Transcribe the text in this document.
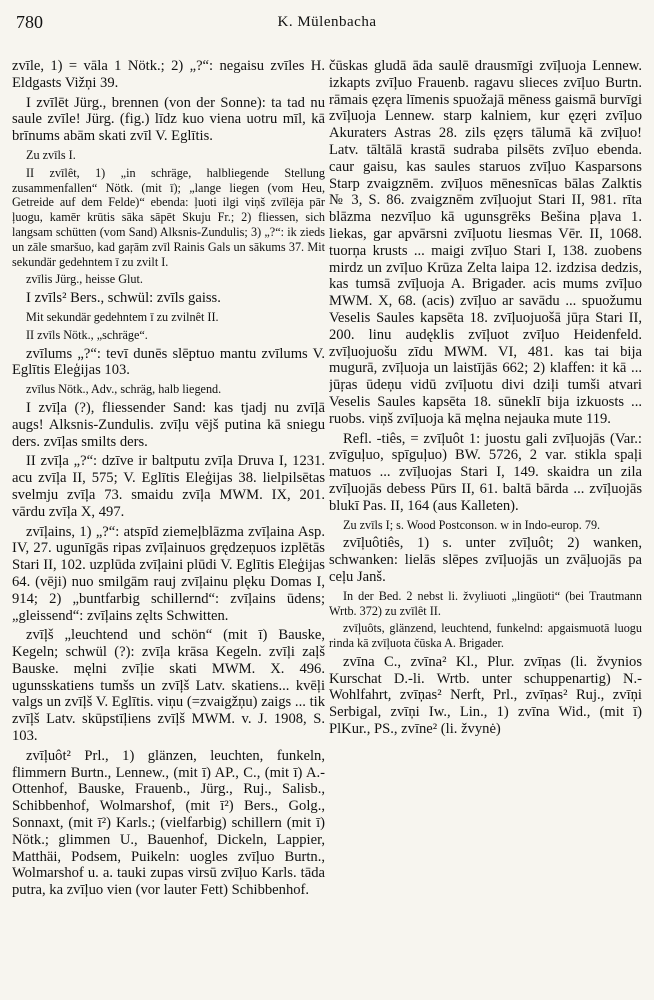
780	K. Mülenbacha

zvīle, 1) = vāla 1 Nötk.; 2) „?“: negaisu zvīles H. Eldgasts Vižņi 39.

I zvīlēt Jürg., brennen (von der Sonne): ta tad nu saule zvīle! Jürg. (fig.) līdz kuo viena uotru mīl, kā brīnums abām skati zvīl V. Eglītis.

Zu zvīls I.

II zvīlêt, 1) „in schräge, halbliegende Stellung zusammenfallen“ Nötk. (mit ī); „lange liegen (vom Heu, Getreide auf dem Felde)“ ebenda: ļuoti ilgi viņš zvīlēja pār ļuogu, kamēr krūtis sāka sāpēt Skuju Fr.; 2) fliessen, sich langsam schütten (vom Sand) Alksnis-Zundulis; 3) „?“: ik zieds un zāle smaršuo, kad gaŗām zvīl Rainis Gals un sākums 37. Mit sekundär gedehntem ī zu zvilt I.

zvīlis Jürg., heisse Glut.

I zvīls² Bers., schwül: zvīls gaiss.

Mit sekundär gedehntem ī zu zvilnêt II.

II zvīls Nötk., „schräge“.

zvīlums „?“: tevī dunēs slēptuo mantu zvīlums V. Eglītis Eleģijas 103.

zvīlus Nötk., Adv., schräg, halb liegend.

I zvīļa (?), fliessender Sand: kas tjadj nu zvīļā augs! Alksnis-Zundulis. zvīļu vējš putina kā sniegu ders. zvīļas smilts ders.

II zvīļa „?“: dzīve ir baltputu zvīļa Druva I, 1231. acu zvīļa II, 575; V. Eglītis Eleģijas 38. lielpilsētas svelmju zvīļa 73. smaidu zvīļa MWM. IX, 201. vārdu zvīļa X, 497.

zvīļains, 1) „?“: atspīd ziemeļblāzma zvīļaina Asp. IV, 27. ugunīgās ripas zvīļainuos grędzeņuos izplētās Stari II, 102. uzplūda zvīļaini plūdi V. Eglītis Eleģijas 64. (vēji) nuo smilgām rauj zvīļainu plęku Domas I, 914; 2) „buntfarbig schillernd“: zvīļains ūdens; „gleissend“: zvīļains zęlts Schwitten.

zvīļš „leuchtend und schön“ (mit ī) Bauske, Kegeln; schwül (?): zvīļa krāsa Kegeln. zvīļi zaļš Bauske. męlni zvīļie skati MWM. X. 496. ugunsskatiens tumšs un zvīļš Latv. skatiens... kvēļi valgs un zvīļš V. Eglītis. viņu (=zvaigžņu) zaigs ... tik zvīļš Latv. skūpstīļiens zvīļš MWM. v. J. 1908, S. 103.

zvīļuôt² Prl., 1) glänzen, leuchten, funkeln, flimmern Burtn., Lennew., (mit ī) AP., C., (mit ī) A.-Ottenhof, Bauske, Frauenb., Jürg., Ruj., Salisb., Schibbenhof, Wolmarshof, (mit ī²) Bers., Golg., Sonnaxt, (mit ī²) Karls.; (vielfarbig) schillern (mit ī) Nötk.; glimmen U., Bauenhof, Dickeln, Lappier, Matthäi, Podsem, Puikeln: uogles zvīļuo Burtn., Wolmarshof u. a. tauki zupas virsū zvīļuo Karls. tāda putra, ka zvīļuo vien (vor lauter Fett) Schibbenhof.

čūskas gludā āda saulē drausmīgi zvīļuoja Lennew. izkapts zvīļuo Frauenb. ragavu slieces zvīļuo Burtn. rāmais ęzęra līmenis spuožajā mēness gaismā burvīgi zvīļuoja Lennew. starp kalniem, kur ęzęri zvīļuo Akuraters Astras 28. zils ęzęrs tālumā kā zvīļuo! Latv. tāltālā krastā sudraba pilsēts zvīļuo ebenda. caur gaisu, kas saules staruos zvīļuo Kasparsons Starp zvaigznēm. zvīļuos mēnesnīcas bālas Zalktis № 3, S. 86. zvaigznēm zvīļuojut Stari II, 981. rīta blāzma nezvīļuo kā ugunsgrēks Bešina pļava 1. liekas, gar apvārsni zvīļuotu liesmas Vēr. II, 1068. tuorņa krusts ... maigi zvīļuo Stari I, 138. zuobens mirdz un zvīļuo Krūza Zelta laipa 12. izdzisa dedzis, kas tumsā zvīļuoja A. Brigader. acis mums zvīļuo MWM. X, 68. (acis) zvīļuo ar savādu ... spuožumu Veselis Saules kapsēta 18. zvīļuojuošā jūŗa Stari II, 200. linu audęklis zvīļuot zvīļuo Heidenfeld. zvīļuojuošu zīdu MWM. VI, 481. kas tai bija mugurā, zvīļuoja un laistījās 662; 2) klaffen: it kā ... jūŗas ūdeņu vidū zvīļuotu divi dziļi tumši atvari Veselis Saules kapsēta 18. sūneklī bija izkuosts ... ruobs. viņš zvīļuoja kā męlna nejauka mute 119.

Refl. -tiês, = zvīļuôt 1: juostu gali zvīļuojās (Var.: zvīguļuo, spīguļuo) BW. 5726, 2 var. stikla spaļi matuos ... zvīļuojas Stari I, 149. skaidra un zila zvīļuojās debess Pūrs II, 61. baltā bārda ... zvīļuojās blukī Pas. II, 164 (aus Kalleten).

Zu zvīls I; s. Wood Postconson. w in Indo-europ. 79.

zvīļuôtiês, 1) s. unter zvīļuôt; 2) wanken, schwanken: lielās slēpes zvīļuojās un zvāļuojās pa ceļu Janš.

In der Bed. 2 nebst li. žvyliuoti „lingüoti“ (bei Trautmann Wrtb. 372) zu zvīlêt II.

zvīļuôts, glänzend, leuchtend, funkelnd: apgaismuotā luogu rinda kā zvīļuota čūska A. Brigader.

zvīna C., zvīna² Kl., Plur. zvīņas (li. žvynios Kurschat D.-li. Wrtb. unter schuppenartig) N.-Wohlfahrt, zvīņas² Nerft, Prl., zvīņas² Ruj., zvīņi Serbigal, zvīņi Iw., Lin., 1) zvīna Wid., (mit ī) PlKur., PS., zvīne² (li. žvynė)
